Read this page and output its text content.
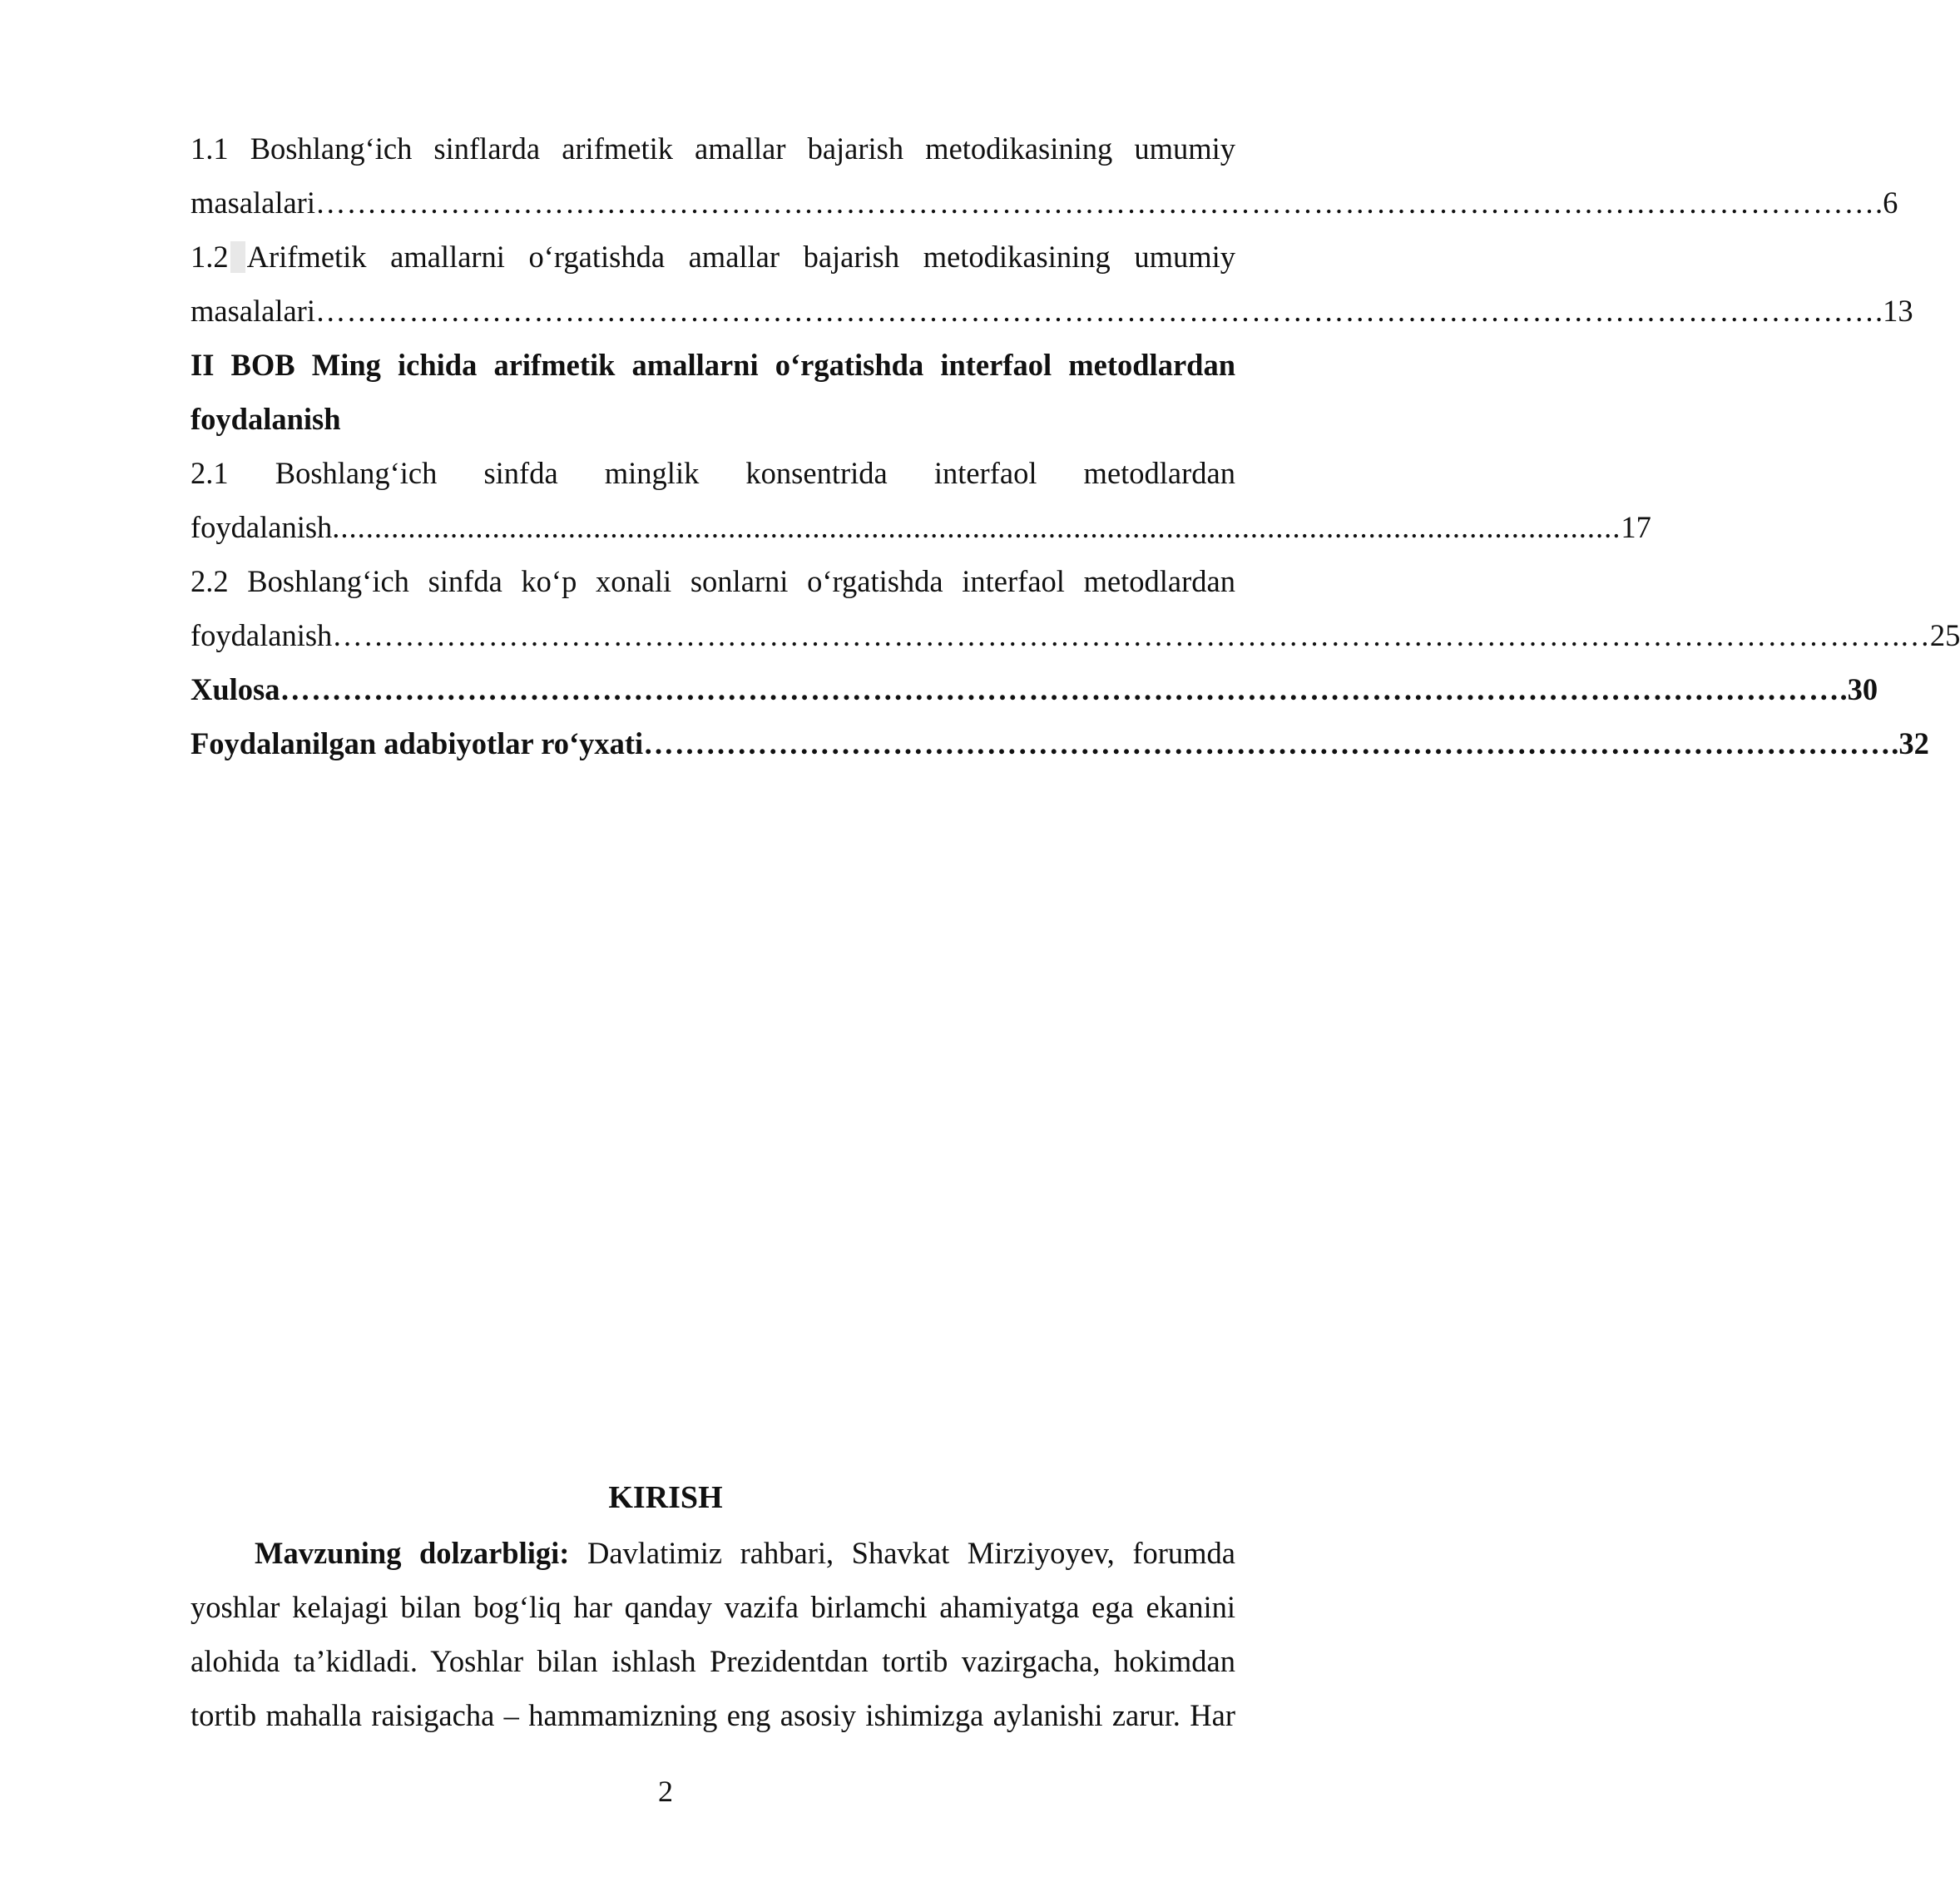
1.1 Boshlang‘ich sinflarda arifmetik amallar bajarish metodikasining umumiy
masalalari …………………………………………………………………………………………………………………………………… .6
1.2 Arifmetik amallarni o‘rgatishda amallar bajarish metodikasining umumiy
masalalari …………………………………………………………………………………………………………………………………… .13
II BOB Ming ichida arifmetik amallarni o‘rgatishda interfaol metodlardan
foydalanish
2.1 Boshlang‘ich sinfda minglik konsentrida interfaol metodlardan
foydalanish ......................................................................................................................................................... 17
2.2 Boshlang‘ich sinfda ko‘p xonali sonlarni o‘rgatishda interfaol metodlardan
foydalanish …………………………………………………………………………………………………………………………………… .…25
Xulosa …………………………………………………………………………………………………………………………………… .30
Foydalanilgan adabiyotlar ro‘yxati ………………………………………………………………………………………………………… .32
KIRISH
Mavzuning dolzarbligi: Davlatimiz rahbari, Shavkat Mirziyoyev, forumda
yoshlar kelajagi bilan bog‘liq har qanday vazifa birlamchi ahamiyatga ega ekanini
alohida ta’kidladi. Yoshlar bilan ishlash Prezidentdan tortib vazirgacha, hokimdan
tortib mahalla raisigacha – hammamizning eng asosiy ishimizga aylanishi zarur. Har
2
